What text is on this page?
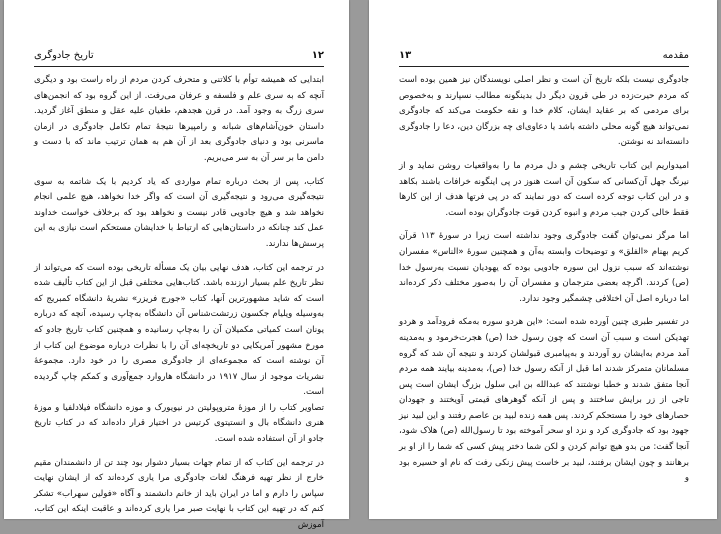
تاریخ جادوگری	۱۲

ابتدایی که همیشه توأم با کلاتنی و متحرف کردن مردم از راه راست بود و دیگری آنچه که به سری علم و فلسفه و عرفان می‌رفت. از این گروه بود که انجمن‌های سری زرگ به وجود آمد. در قرن هجدهم، طغیان علیه عقل و منطق آغاز گردید. داستان خون‌آشام‌های شبانه و رامپیرها نتیجهٔ تمام تکامل جادوگری در ازمان ماسرنی بود و دنیای جادوگری بعد از آن هم به همان ترتیب ماند که با دست و دامن ما بر سر آن به سر می‌بریم.

کتاب، پس از بحث درباره تمام مواردی که یاد کردیم با یک شاتمه به سوی نتیجه‌گیری می‌رود و نتیجه‌گیری آن است که واگر خدا نخواهد، هیچ علمی انجام نخواهد شد و هیچ جادویی قادر نیست و نخواهد بود که برخلاف خواست خداوند عمل کند چنانکه در داستان‌هایی که ارتباط با خدایشان مستحکم است نیازی به این پرسش‌ها ندارند.

در ترجمه این کتاب، هدف نهایی بیان یک مسأله تاریخی بوده است که می‌تواند از نظر تاریخ علم بسیار ارزنده باشد. کتاب‌هایی مختلفی قبل از این کتاب تألیف شده است که شاید مشهورترین آنها، کتاب «جورج فریزر» نشریهٔ دانشگاه کمبریج که به‌وسیله ویلیام جکسون زرتشت‌شناس آن دانشگاه به‌چاپ رسیده، آنچه که درباره یونان است کمیاتی مکمیلان آن را به‌چاپ رسانیده و همچنین کتاب تاریخ جادو که مورخ مشهور آمریکایی دو تاریخچه‌ای آن را با نظرات درباره موضوع این کتاب از آن نوشته است که مجموعه‌ای از جادوگری مصری را در خود دارد. مجموعهٔ نشریات موجود از سال ۱۹۱۷ در دانشگاه هاروارد جمع‌آوری و کمکم چاپ گردیده است.

تصاویر کتاب را از موزهٔ متروپولیتن در نیویورک و موزه دانشگاه فیلادلفیا و موزهٔ هنری دانشگاه بال و انستیتوی کرتیس در اختیار قرار داده‌اند که در کتاب تاریخ جادو از آن استفاده شده است.

در ترجمه این کتاب که از تمام جهات بسیار دشوار بود چند تن از دانشمندان مقیم خارج از نظر تهیه فرهنگ لغات جادوگری مرا یاری کرده‌اند که از ایشان نهایت سپاس را دارم و اما در ایران باید از خانم دانشمند و آگاه «فولین سهراب» تشکر کنم که در تهیه این کتاب با نهایت صبر مرا یاری کرده‌اند و عاقبت اینکه این کتاب، آموزش

مقدمه
۱۳

جادوگری نیست بلکه تاریخ آن است و نظر اصلی نویسندگان نیز همین بوده است که مردم حیرت‌زده در طی قرون دیگر دل بدینگونه مطالب نسپارند و به‌خصوص برای مردمی که بر عقاید ایشان، کلام خدا و نقه حکومت می‌کند که جادوگری نمی‌تواند هیچ گونه محلی داشته باشد یا دعاوی‌ای چه بزرگان دین، دعا را جادوگری دانسته‌اند نه نوشتن.

امیدواریم این کتاب تاریخی چشم و دل مردم ما را به‌واقعیات روشن نماید و از نیرنگ جهل آن‌کسانی که سکون آن است هنوز در پی اینگونه خرافات باشند بکاهد و در این کتاب توجه کرده است که دور نمایند که در پی فرتها هدف از این کارها فقط خالی کردن جیب مردم و انبوه کردن قوت جادوگران بوده است.

اما مرگز نمی‌توان گفت جادوگری وجود نداشته است زیرا در سورهٔ ۱۱۳ قرآن کریم بهنام «الفلق» و توضیحات وابسته به‌آن و همچنین سورهٔ «الناس» مفسران نوشته‌اند که سبب نزول این سوره جادویی بوده که یهودیان نسبت به‌رسول خدا (ص) کردند. اگرچه بعضی مترجمان و مفسران آن را به‌صور مختلف ذکر کرده‌اند اما درباره اصل آن اختلافی چشمگیر وجود ندارد.

در تفسیر طبری چنین آورده شده است: «این هردو سوره به‌مکه فرودآمد و هردو تهدیکن است و سبب آن است که چون رسول خدا (ص) هجرت‌خرمود و به‌مدینه آمد مردم به‌ایشان رو آوردند و به‌پیامبری قبولشان کردند و نتیجه آن شد که گروه مسلمانان متمرکز شدند اما قبل از آنکه رسول خدا (ص)، به‌مدینه بیایند همه مردم آنجا متفق شدند و خطبا نوشتند که عبدالله بن ابی سلول بزرگ ایشان است پس تاجی از زر برایش ساختند و پس از آنکه گوهرهای قیمتی آویختند و جهودان حصارهای خود را مستحکم کردند. پس همه زنده لبید بن عاصم رفتند و این لبید نیز جهود بود که جادوگری کرد و نزد او سحر آموخته بود تا رسول‌الله (ص) هلاک شود، آنجا گفت: من بدو هیچ توانم کردن و لکن شما دختر پیش کسی که شما را از او بر برهانند و چون ایشان برفتند، لبید بر خاست پیش زنکی رفت که نام او حسیره بود و
